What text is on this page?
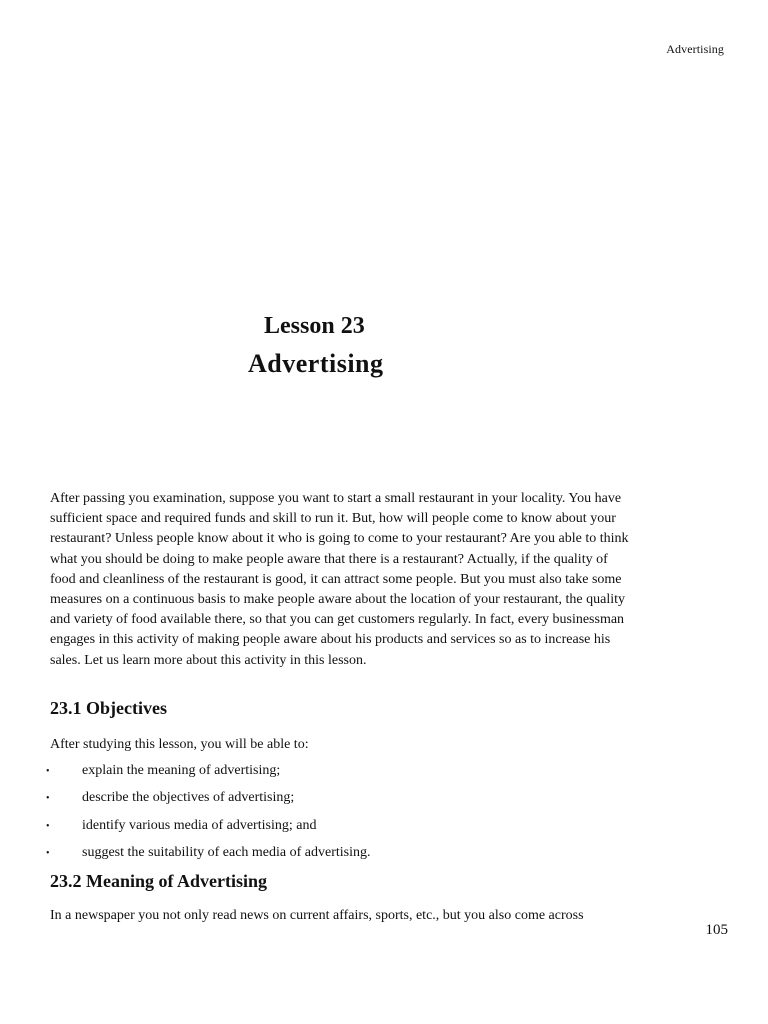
Advertising
Lesson 23
Advertising

After passing you examination, suppose you want to start a small restaurant in your locality. You have sufficient space and required funds and skill to run it. But, how will people come to know about your restaurant? Unless people know about it who is going to come to your restaurant? Are you able to think what you should be doing to make people aware that there is a restaurant? Actually, if the quality of food and cleanliness of the restaurant is good, it can attract some people. But you must also take some measures on a continuous basis to make people aware about the location of your restaurant, the quality and variety of food available there, so that you can get customers regularly. In fact, every businessman engages in this activity of making people aware about his products and services so as to increase his sales. Let us learn more about this activity in this lesson.

23.1 Objectives

After studying this lesson, you will be able to:

• explain the meaning of advertising;
• describe the objectives of advertising;
• identify various media of advertising; and
• suggest the suitability of each media of advertising.
23.2 Meaning of Advertising

In a newspaper you not only read news on current affairs, sports, etc., but you also come across

105
